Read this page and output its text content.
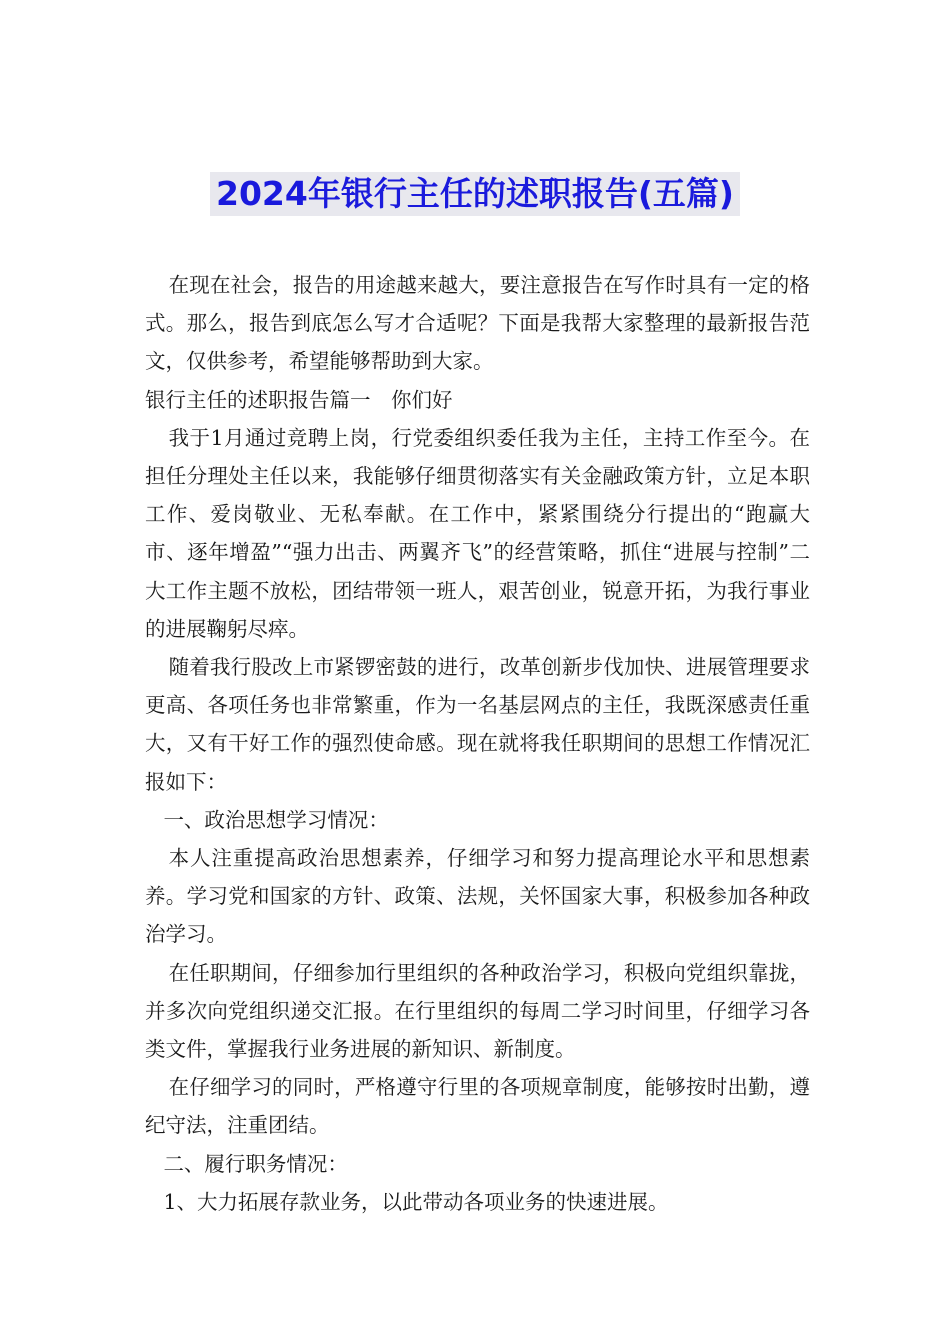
2024年银行主任的述职报告(五篇)

在现在社会，报告的用途越来越大，要注意报告在写作时具有一定的格式。那么，报告到底怎么写才合适呢？下面是我帮大家整理的最新报告范文，仅供参考，希望能够帮助到大家。

银行主任的述职报告篇一　你们好

我于1月通过竞聘上岗，行党委组织委任我为主任，主持工作至今。在担任分理处主任以来，我能够仔细贯彻落实有关金融政策方针，立足本职工作、爱岗敬业、无私奉献。在工作中，紧紧围绕分行提出的“跑赢大市、逐年增盈”“强力出击、两翼齐飞”的经营策略，抓住“进展与控制”二大工作主题不放松，团结带领一班人，艰苦创业，锐意开拓，为我行事业的进展鞠躬尽瘁。

随着我行股改上市紧锣密鼓的进行，改革创新步伐加快、进展管理要求更高、各项任务也非常繁重，作为一名基层网点的主任，我既深感责任重大，又有干好工作的强烈使命感。现在就将我任职期间的思想工作情况汇报如下：

一、政治思想学习情况：

本人注重提高政治思想素养，仔细学习和努力提高理论水平和思想素养。学习党和国家的方针、政策、法规，关怀国家大事，积极参加各种政治学习。

在任职期间，仔细参加行里组织的各种政治学习，积极向党组织靠拢，并多次向党组织递交汇报。在行里组织的每周二学习时间里，仔细学习各类文件，掌握我行业务进展的新知识、新制度。

在仔细学习的同时，严格遵守行里的各项规章制度，能够按时出勤，遵纪守法，注重团结。

二、履行职务情况：

1、大力拓展存款业务，以此带动各项业务的快速进展。
